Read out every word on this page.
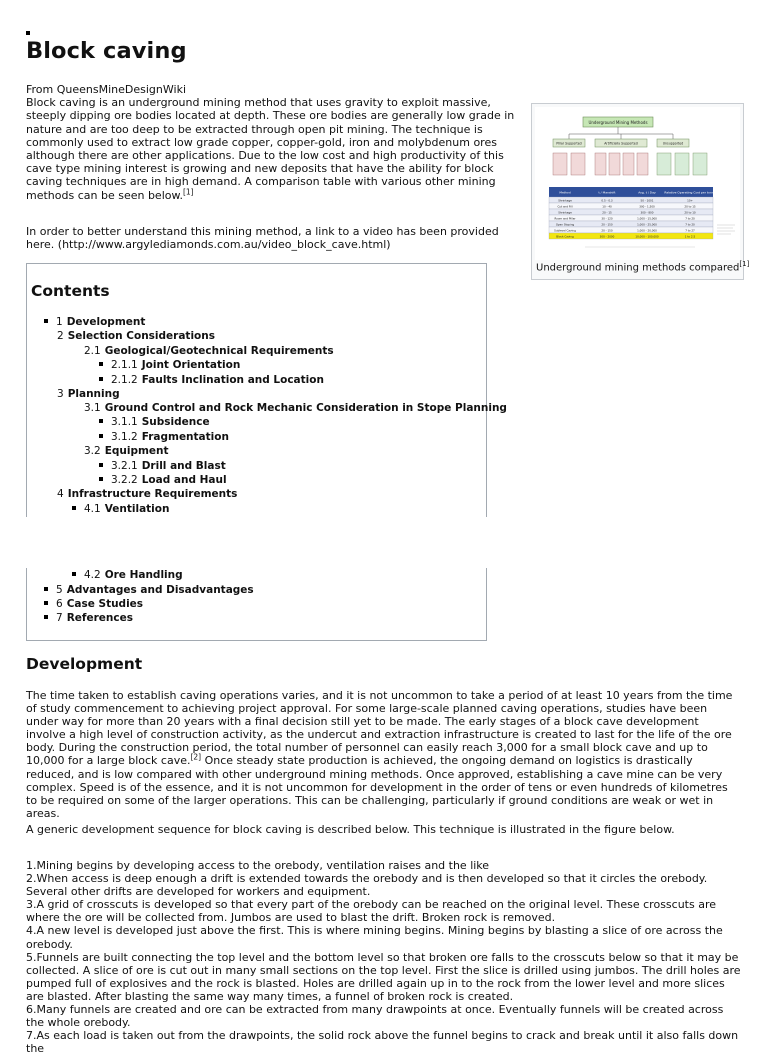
Block caving

From QueensMineDesignWiki

Block caving is an underground mining method that uses gravity to exploit massive, steeply dipping ore bodies located at depth. These ore bodies are generally low grade in nature and are too deep to be extracted through open pit mining. The technique is commonly used to extract low grade copper, copper-gold, iron and molybdenum ores although there are other applications. Due to the low cost and high productivity of this cave type mining interest is growing and new deposits that have the ability for block caving techniques are in high demand. A comparison table with various other mining methods can be seen below.[1]

In order to better understand this mining method, a link to a video has been provided here. (http://www.argylediamonds.com.au/video_block_cave.html)
Underground Mining Methods
Pillar Supported	Artificially Supported	Unsupported
Method	t / Manshift	Avg. t / Day	Relative Operating Cost per tonne
Shrinkage	0.5 - 0.3	50 - 1001	10+
Cut and Fill	10 - 40	300 - 1,500	20 to 15
Shrinkage	20 - 15	300 - 800	20 to 10
Room and Pillar	30 - 120	1,000 - 15,000	7 to 20
Open Stoping	20 - 150	1,000 - 25,000	7 to 20
Sublevel Caving	20 - 150	1,000 - 20,000	7 to 27
Block Caving	300 - 2000	10,000 - 100,000	1 to 2.5
Underground mining methods compared[1]
Contents
1 Development
2 Selection Considerations
2.1 Geological/Geotechnical Requirements
2.1.1 Joint Orientation
2.1.2 Faults Inclination and Location
3 Planning
3.1 Ground Control and Rock Mechanic Consideration in Stope Planning
3.1.1 Subsidence
3.1.2 Fragmentation
3.2 Equipment
3.2.1 Drill and Blast
3.2.2 Load and Haul
4 Infrastructure Requirements
4.1 Ventilation
4.2 Ore Handling
5 Advantages and Disadvantages
6 Case Studies
7 References
Development

The time taken to establish caving operations varies, and it is not uncommon to take a period of at least 10 years from the time of study commencement to achieving project approval. For some large-scale planned caving operations, studies have been under way for more than 20 years with a final decision still yet to be made. The early stages of a block cave development involve a high level of construction activity, as the undercut and extraction infrastructure is created to last for the life of the ore body. During the construction period, the total number of personnel can easily reach 3,000 for a small block cave and up to 10,000 for a large block cave.[2] Once steady state production is achieved, the ongoing demand on logistics is drastically reduced, and is low compared with other underground mining methods. Once approved, establishing a cave mine can be very complex. Speed is of the essence, and it is not uncommon for development in the order of tens or even hundreds of kilometres to be required on some of the larger operations. This can be challenging, particularly if ground conditions are weak or wet in areas.

A generic development sequence for block caving is described below. This technique is illustrated in the figure below.

1.Mining begins by developing access to the orebody, ventilation raises and the like

2.When access is deep enough a drift is extended towards the orebody and is then developed so that it circles the orebody. Several other drifts are developed for workers and equipment.

3.A grid of crosscuts is developed so that every part of the orebody can be reached on the original level. These crosscuts are where the ore will be collected from. Jumbos are used to blast the drift. Broken rock is removed.

4.A new level is developed just above the first. This is where mining begins. Mining begins by blasting a slice of ore across the orebody.

5.Funnels are built connecting the top level and the bottom level so that broken ore falls to the crosscuts below so that it may be collected. A slice of ore is cut out in many small sections on the top level. First the slice is drilled using jumbos. The drill holes are pumped full of explosives and the rock is blasted. Holes are drilled again up in to the rock from the lower level and more slices are blasted. After blasting the same way many times, a funnel of broken rock is created.

6.Many funnels are created and ore can be extracted from many drawpoints at once. Eventually funnels will be created across the whole orebody.

7.As each load is taken out from the drawpoints, the solid rock above the funnel begins to crack and break until it also falls down the
